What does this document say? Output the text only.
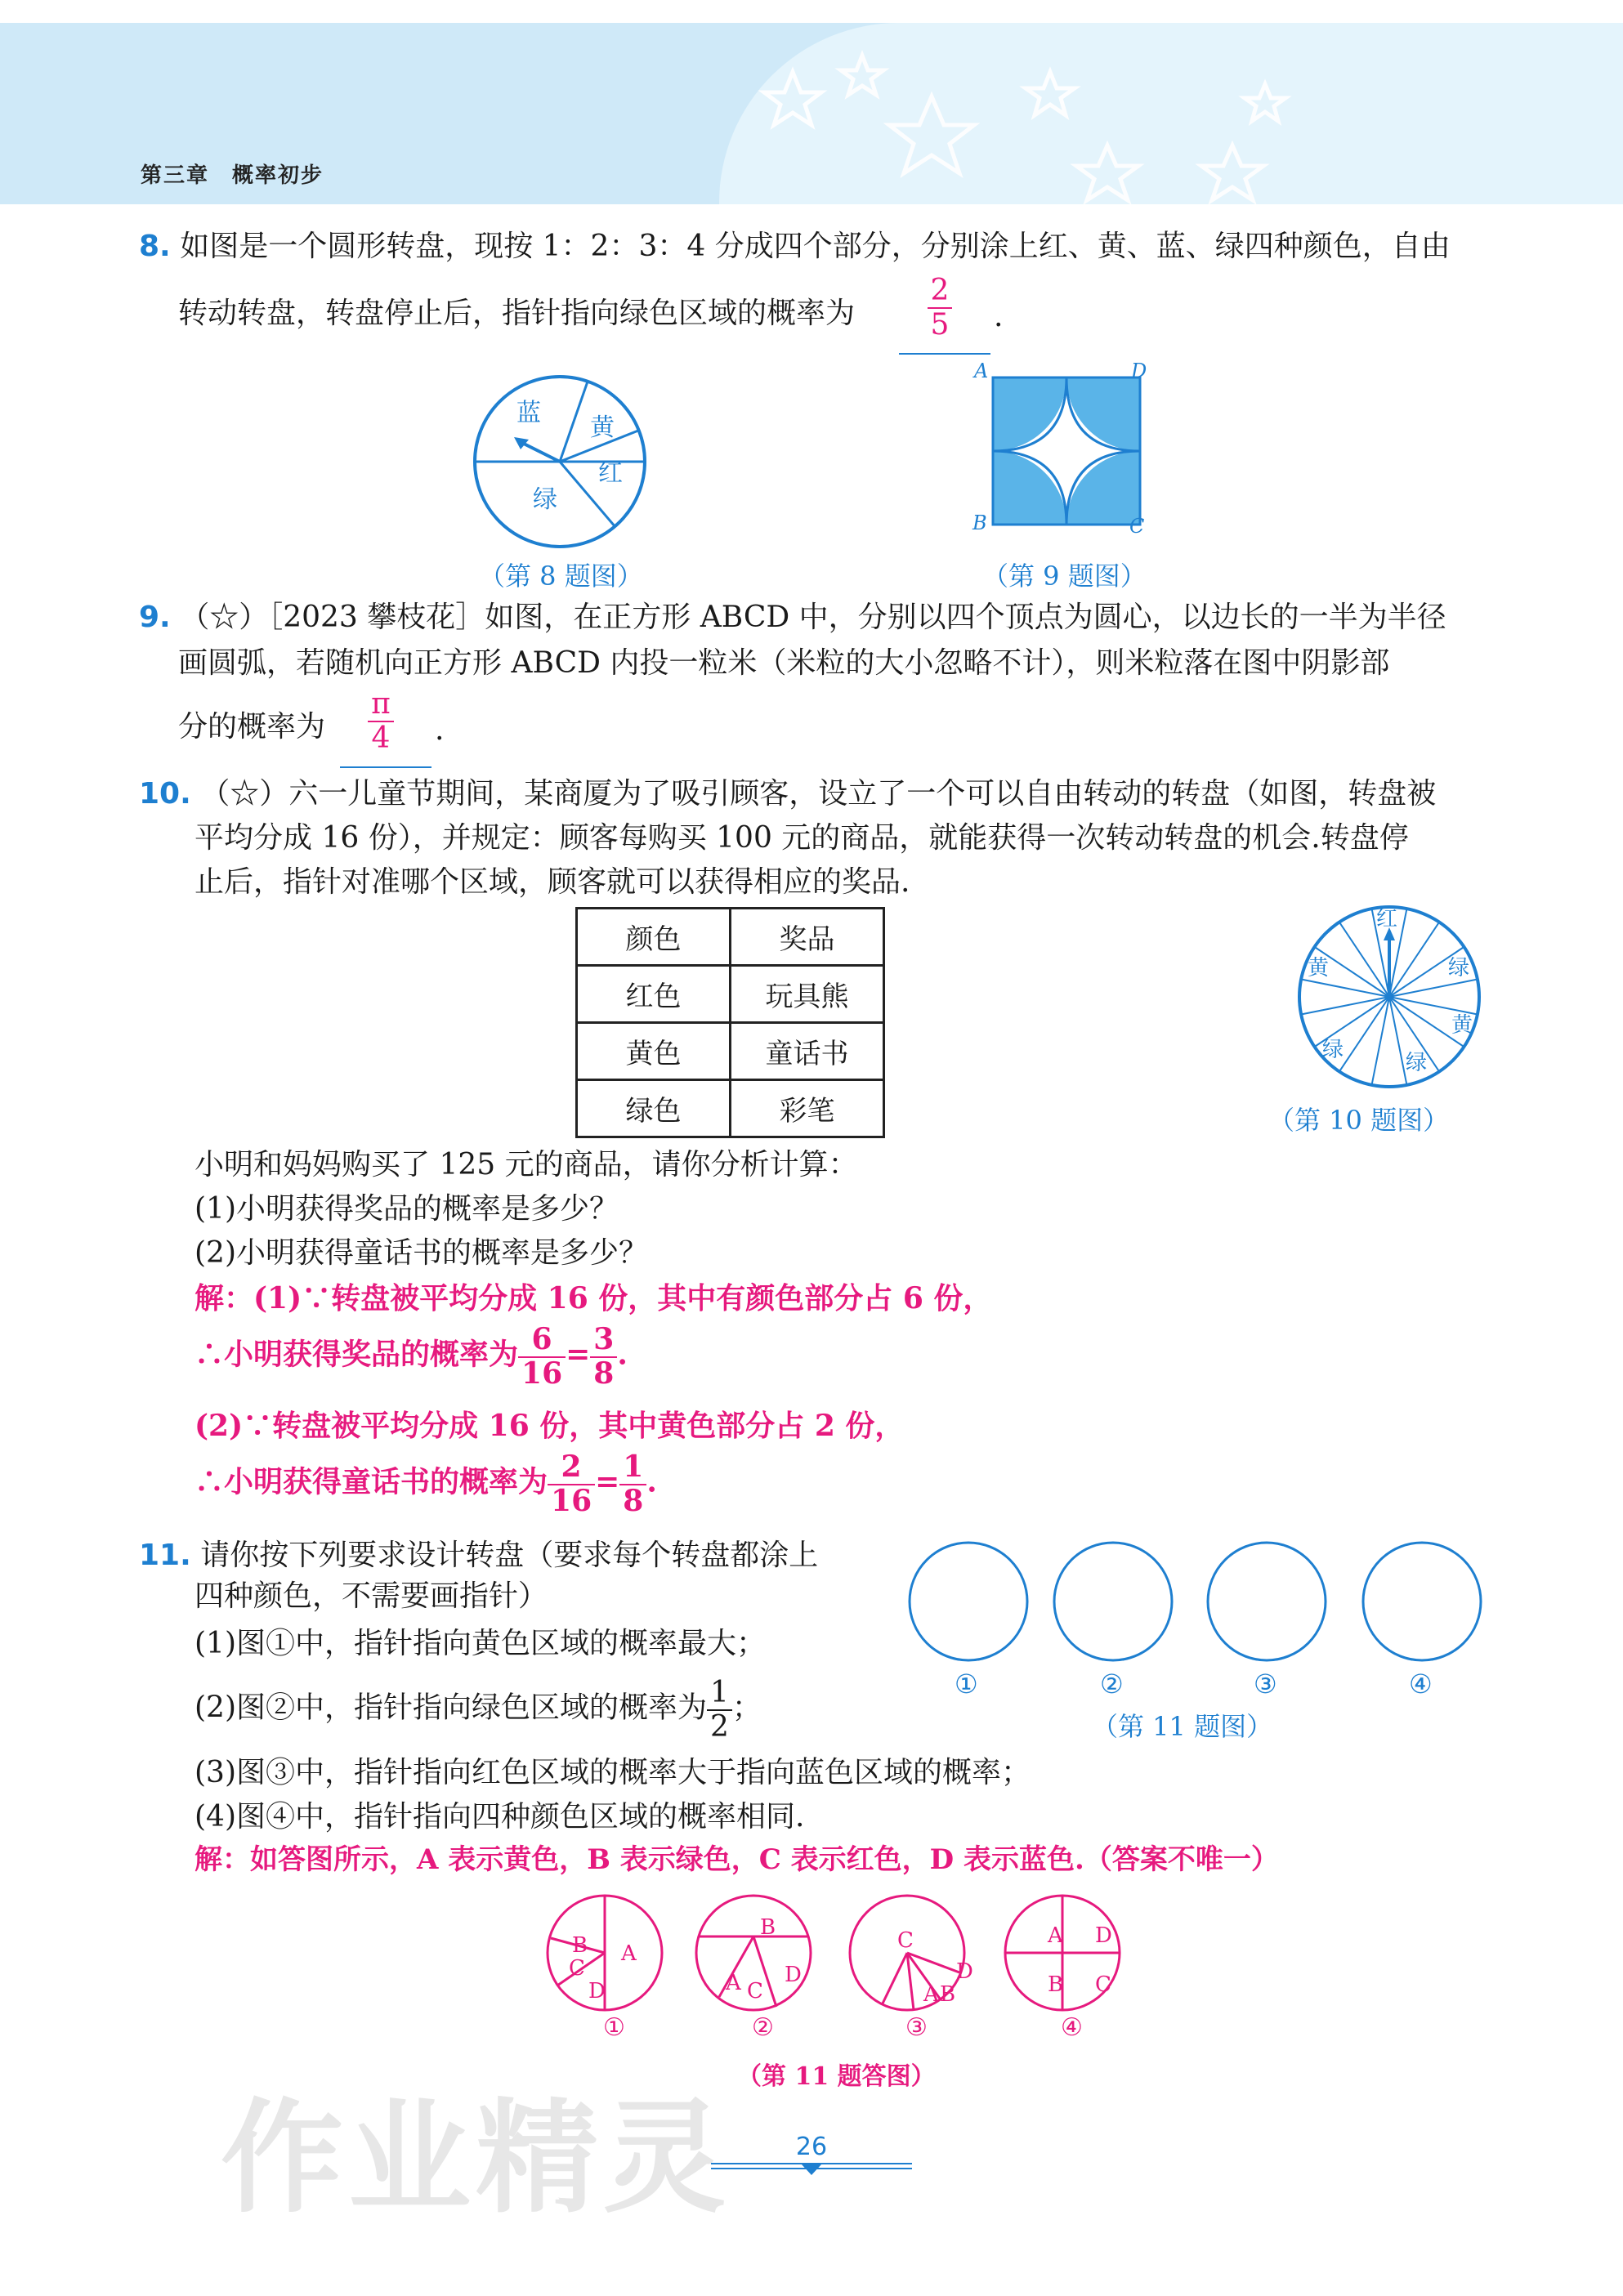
第三章　概率初步
8. 如图是一个圆形转盘，现按 1：2：3：4 分成四个部分，分别涂上红、黄、蓝、绿四种颜色，自由
转动转盘，转盘停止后，指针指向绿色区域的概率为 $\frac{2}{5}$ .
蓝
黄
红
绿
（第 8 题图）
A	D
B	C
（第 9 题图）
9. （☆）［2023 攀枝花］如图，在正方形 ABCD 中，分别以四个顶点为圆心，以边长的一半为半径
画圆弧，若随机向正方形 ABCD 内投一粒米（米粒的大小忽略不计），则米粒落在图中阴影部
分的概率为 $\frac{\pi}{4}$ .
10. （☆）六一儿童节期间，某商厦为了吸引顾客，设立了一个可以自由转动的转盘（如图，转盘被
平均分成 16 份），并规定：顾客每购买 100 元的商品，就能获得一次转动转盘的机会.转盘停
止后，指针对准哪个区域，顾客就可以获得相应的奖品.
颜色	奖品
红色	玩具熊
黄色	童话书
绿色	彩笔
红
黄	绿
黄
绿
绿
（第 10 题图）
小明和妈妈购买了 125 元的商品，请你分析计算：
(1)小明获得奖品的概率是多少？
(2)小明获得童话书的概率是多少？
解：(1)∵转盘被平均分成 16 份，其中有颜色部分占 6 份，
∴小明获得奖品的概率为 $\frac{6}{16} = \frac{3}{8}$ .
(2)∵转盘被平均分成 16 份，其中黄色部分占 2 份，
∴小明获得童话书的概率为 $\frac{2}{16} = \frac{1}{8}$ .
11. 请你按下列要求设计转盘（要求每个转盘都涂上
四种颜色，不需要画指针）
(1)图①中，指针指向黄色区域的概率最大；
(2)图②中，指针指向绿色区域的概率为 $\frac{1}{2}$ ；
(3)图③中，指针指向红色区域的概率大于指向蓝色区域的概率；
(4)图④中，指针指向四种颜色区域的概率相同.
①	②	③	④
（第 11 题图）
解：如答图所示，A 表示黄色，B 表示绿色，C 表示红色，D 表示蓝色.（答案不唯一）
A
B
C
D
B
A C
D
C
D
A B
A D
B C
①	②	③	④
（第 11 题答图）
作业精灵	26
